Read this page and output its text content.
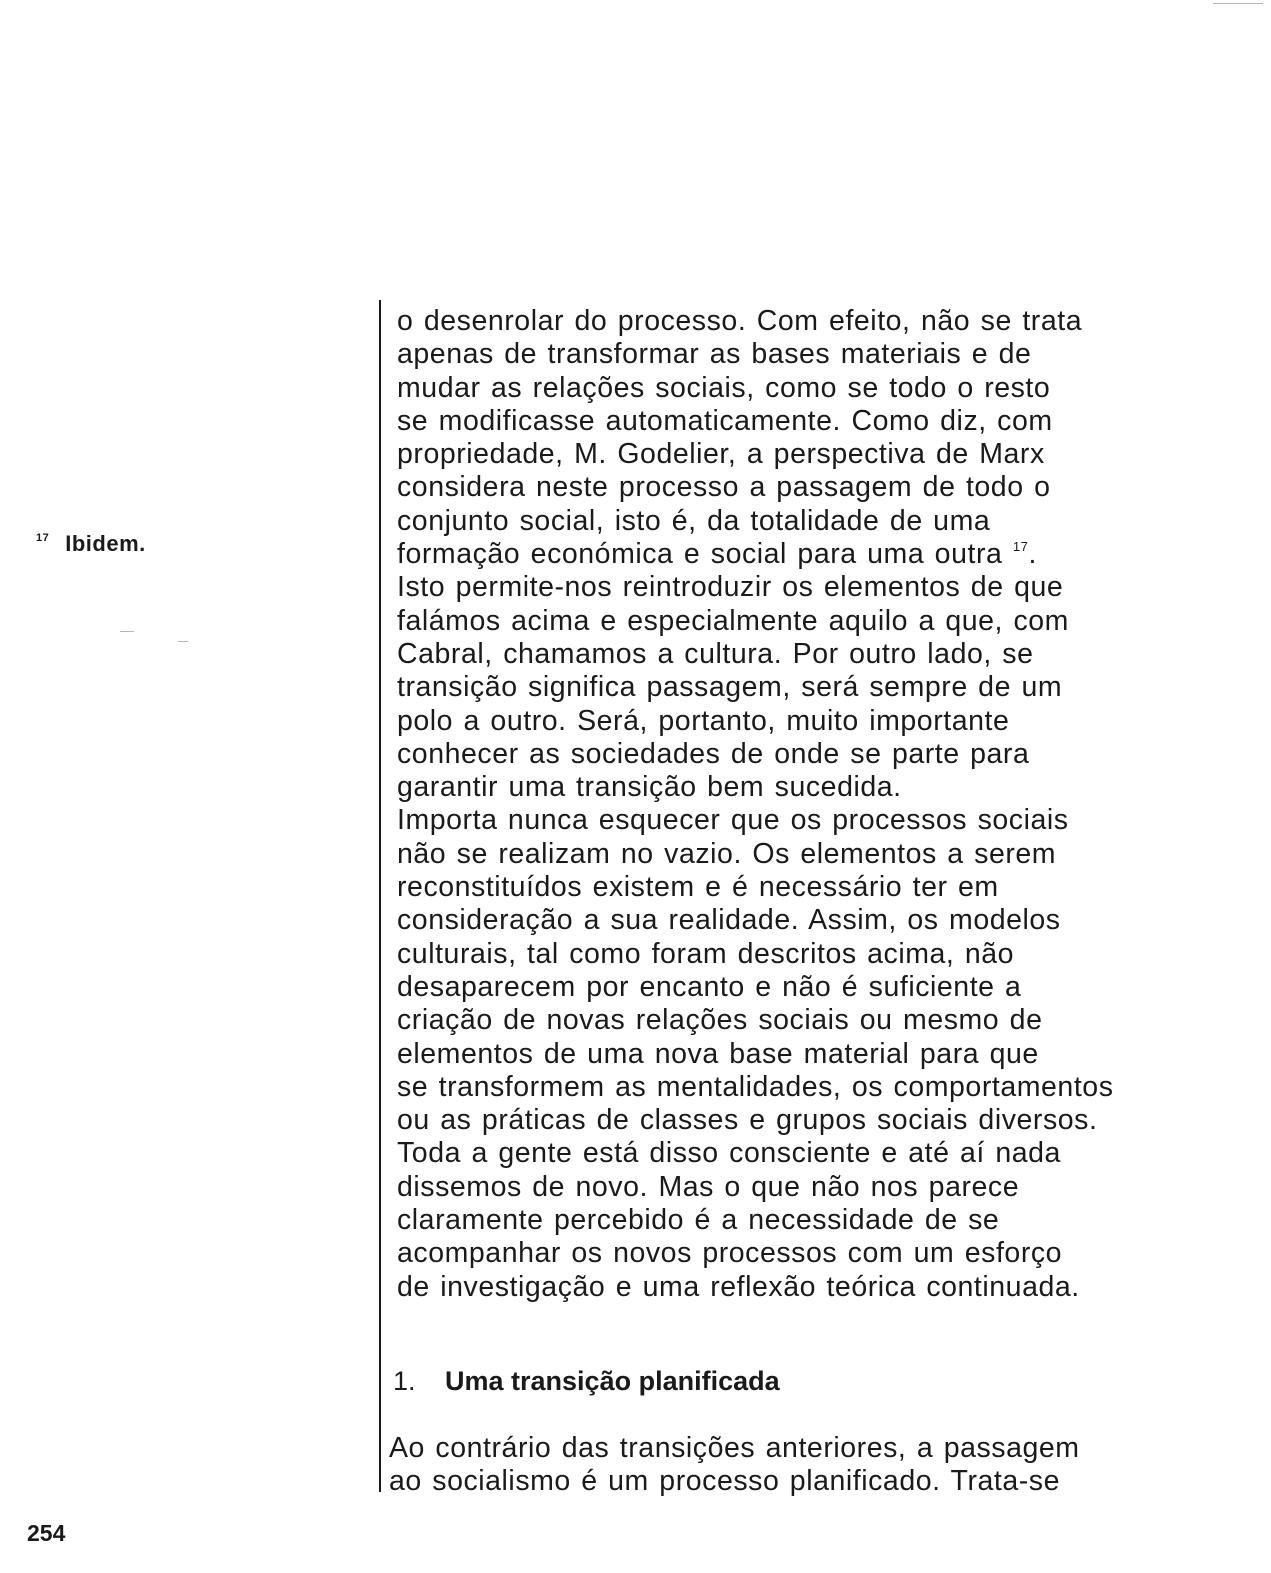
$^{17}$ Ibidem.
o desenrolar do processo. Com efeito, não se trata
apenas de transformar as bases materiais e de
mudar as relações sociais, como se todo o resto
se modificasse automaticamente. Como diz, com
propriedade, M. Godelier, a perspectiva de Marx
considera neste processo a passagem de todo o
conjunto social, isto é, da totalidade de uma
formação económica e social para uma outra $^{17}$.
Isto permite-nos reintroduzir os elementos de que
falámos acima e especialmente aquilo a que, com
Cabral, chamamos a cultura. Por outro lado, se
transição significa passagem, será sempre de um
polo a outro. Será, portanto, muito importante
conhecer as sociedades de onde se parte para
garantir uma transição bem sucedida.
Importa nunca esquecer que os processos sociais
não se realizam no vazio. Os elementos a serem
reconstituídos existem e é necessário ter em
consideração a sua realidade. Assim, os modelos
culturais, tal como foram descritos acima, não
desaparecem por encanto e não é suficiente a
criação de novas relações sociais ou mesmo de
elementos de uma nova base material para que
se transformem as mentalidades, os comportamentos
ou as práticas de classes e grupos sociais diversos.
Toda a gente está disso consciente e até aí nada
dissemos de novo. Mas o que não nos parece
claramente percebido é a necessidade de se
acompanhar os novos processos com um esforço
de investigação e uma reflexão teórica continuada.
1. Uma transição planificada
Ao contrário das transições anteriores, a passagem
ao socialismo é um processo planificado. Trata-se
254
